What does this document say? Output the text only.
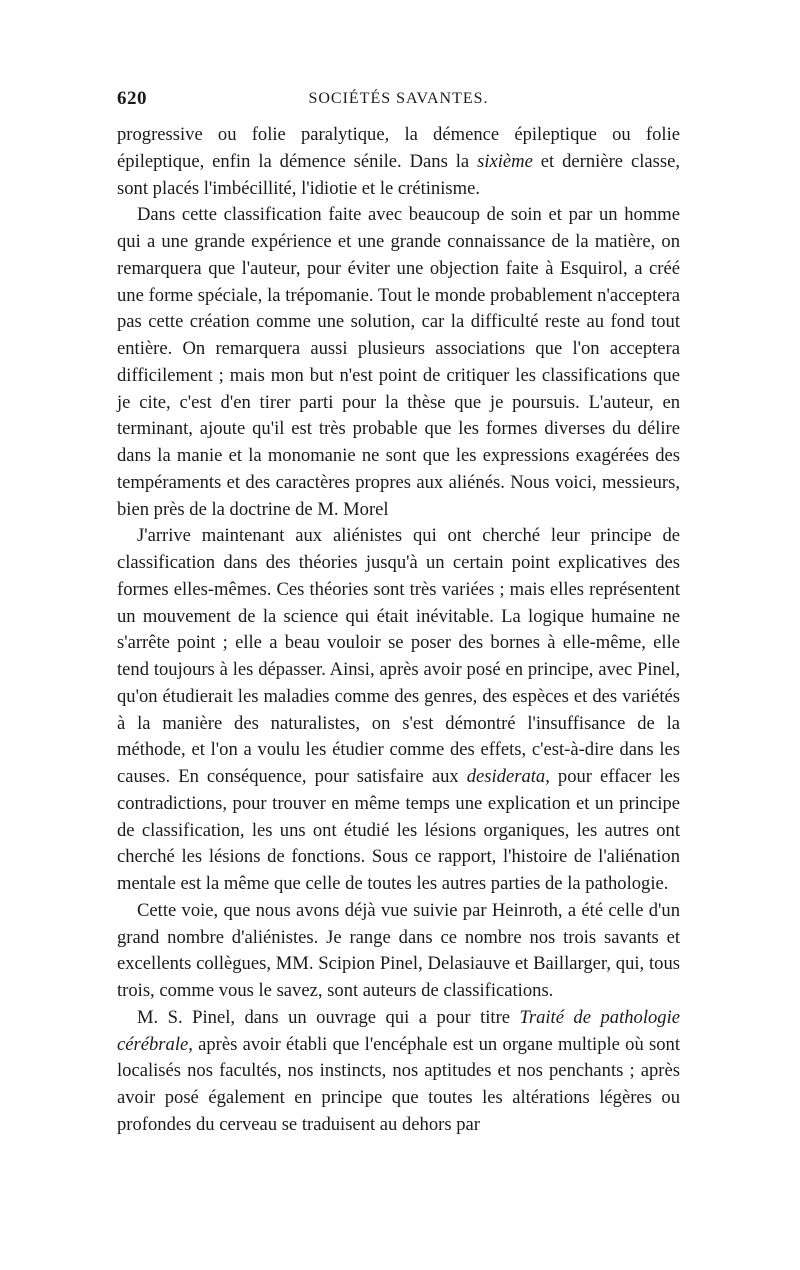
620	SOCIÉTÉS SAVANTES.

progressive ou folie paralytique, la démence épileptique ou folie épileptique, enfin la démence sénile. Dans la sixième et dernière classe, sont placés l'imbécillité, l'idiotie et le crétinisme.

Dans cette classification faite avec beaucoup de soin et par un homme qui a une grande expérience et une grande connaissance de la matière, on remarquera que l'auteur, pour éviter une objection faite à Esquirol, a créé une forme spéciale, la trépomanie. Tout le monde probablement n'acceptera pas cette création comme une solution, car la difficulté reste au fond tout entière. On remarquera aussi plusieurs associations que l'on acceptera difficilement ; mais mon but n'est point de critiquer les classifications que je cite, c'est d'en tirer parti pour la thèse que je poursuis. L'auteur, en terminant, ajoute qu'il est très probable que les formes diverses du délire dans la manie et la monomanie ne sont que les expressions exagérées des tempéraments et des caractères propres aux aliénés. Nous voici, messieurs, bien près de la doctrine de M. Morel

J'arrive maintenant aux aliénistes qui ont cherché leur principe de classification dans des théories jusqu'à un certain point explicatives des formes elles-mêmes. Ces théories sont très variées ; mais elles représentent un mouvement de la science qui était inévitable. La logique humaine ne s'arrête point ; elle a beau vouloir se poser des bornes à elle-même, elle tend toujours à les dépasser. Ainsi, après avoir posé en principe, avec Pinel, qu'on étudierait les maladies comme des genres, des espèces et des variétés à la manière des naturalistes, on s'est démontré l'insuffisance de la méthode, et l'on a voulu les étudier comme des effets, c'est-à-dire dans les causes. En conséquence, pour satisfaire aux desiderata, pour effacer les contradictions, pour trouver en même temps une explication et un principe de classification, les uns ont étudié les lésions organiques, les autres ont cherché les lésions de fonctions. Sous ce rapport, l'histoire de l'aliénation mentale est la même que celle de toutes les autres parties de la pathologie.

Cette voie, que nous avons déjà vue suivie par Heinroth, a été celle d'un grand nombre d'aliénistes. Je range dans ce nombre nos trois savants et excellents collègues, MM. Scipion Pinel, Delasiauve et Baillarger, qui, tous trois, comme vous le savez, sont auteurs de classifications.

M. S. Pinel, dans un ouvrage qui a pour titre Traité de pathologie cérébrale, après avoir établi que l'encéphale est un organe multiple où sont localisés nos facultés, nos instincts, nos aptitudes et nos penchants ; après avoir posé également en principe que toutes les altérations légères ou profondes du cerveau se traduisent au dehors par
